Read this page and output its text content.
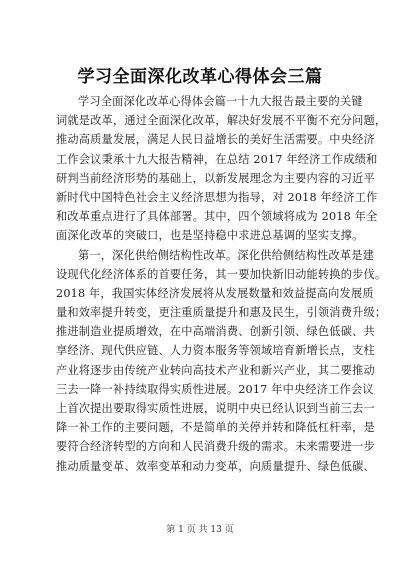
学习全面深化改革心得体会三篇
学习全面深化改革心得体会篇一十九大报告最主要的关键
词就是改革，通过全面深化改革，解决好发展不平衡不充分问题，
推动高质量发展，满足人民日益增长的美好生活需要。中央经济
工作会议秉承十九大报告精神，在总结 2017 年经济工作成绩和
研判当前经济形势的基础上，以新发展理念为主要内容的习近平
新时代中国特色社会主义经济思想为指导，对 2018 年经济工作
和改革重点进行了具体部署。其中，四个领域将成为 2018 年全
面深化改革的突破口，也是坚持稳中求进总基调的坚实支撑。
第一，深化供给侧结构性改革。深化供给侧结构性改革是建
设现代化经济体系的首要任务，其一要加快新旧动能转换的步伐。
2018 年，我国实体经济发展将从发展数量和效益提高向发展质
量和效率提升转变，更注重质量提升和惠及民生，引领消费升级；
推进制造业提质增效，在中高端消费、创新引领、绿色低碳、共
享经济、现代供应链、人力资本服务等领域培育新增长点，支柱
产业将逐步由传统产业转向高技术产业和新兴产业，其二要推动
三去一降一补持续取得实质性进展。2017 年中央经济工作会议
上首次提出要取得实质性进展，说明中央已经认识到当前三去一
降一补工作的主要问题，不是简单的关停并转和降低杠杆率，是
要符合经济转型的方向和人民消费升级的需求。未来需要进一步
推动质量变革、效率变革和动力变革，向质量提升、绿色低碳、
第 1 页 共 13 页
